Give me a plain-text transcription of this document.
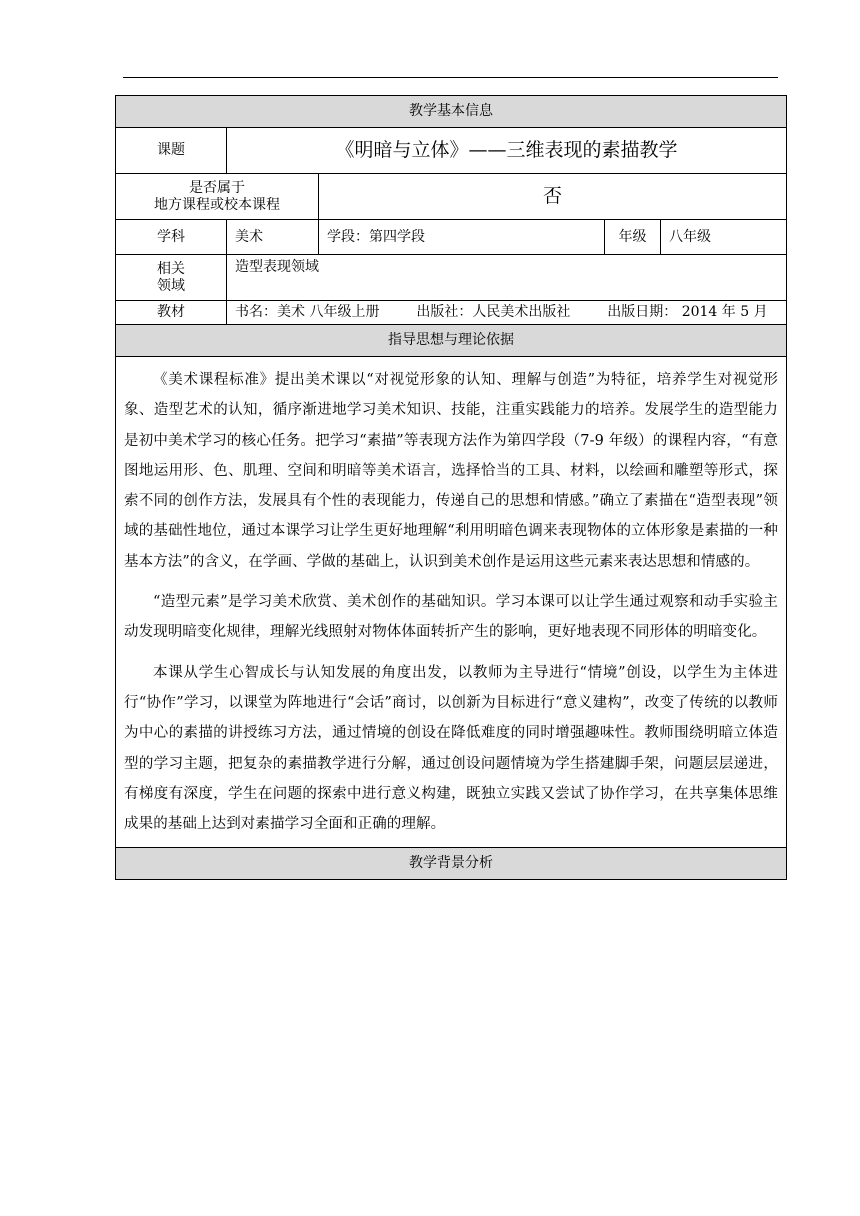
教学基本信息				
课题	《明暗与立体》——三维表现的素描教学			

是否属于
地方课程或校本课程		否		
学科	美术	学段：第四学段	年级	八年级

相关
领域	造型表现领域			
教材	书名：美术 八年级上册 出版社：人民美术出版社 出版日期： 2014 年 5 月			
指导思想与理论依据				

《美术课程标准》提出美术课以“对视觉形象的认知、理解与创造”为特征，培养学生对视觉形象、造型艺术的认知，循序渐进地学习美术知识、技能，注重实践能力的培养。发展学生的造型能力是初中美术学习的核心任务。把学习“素描”等表现方法作为第四学段（7-9 年级）的课程内容，“有意图地运用形、色、肌理、空间和明暗等美术语言，选择恰当的工具、材料，以绘画和雕塑等形式，探索不同的创作方法，发展具有个性的表现能力，传递自己的思想和情感。”确立了素描在“造型表现”领域的基础性地位，通过本课学习让学生更好地理解“利用明暗色调来表现物体的立体形象是素描的一种基本方法”的含义，在学画、学做的基础上，认识到美术创作是运用这些元素来表达思想和情感的。

“造型元素”是学习美术欣赏、美术创作的基础知识。学习本课可以让学生通过观察和动手实验主动发现明暗变化规律，理解光线照射对物体体面转折产生的影响，更好地表现不同形体的明暗变化。

本课从学生心智成长与认知发展的角度出发，以教师为主导进行“情境”创设，以学生为主体进行“协作”学习，以课堂为阵地进行“会话”商讨，以创新为目标进行“意义建构”，改变了传统的以教师为中心的素描的讲授练习方法，通过情境的创设在降低难度的同时增强趣味性。教师围绕明暗立体造型的学习主题，把复杂的素描教学进行分解，通过创设问题情境为学生搭建脚手架，问题层层递进，有梯度有深度，学生在问题的探索中进行意义构建，既独立实践又尝试了协作学习，在共享集体思维成果的基础上达到对素描学习全面和正确的理解。				

教学背景分析				
